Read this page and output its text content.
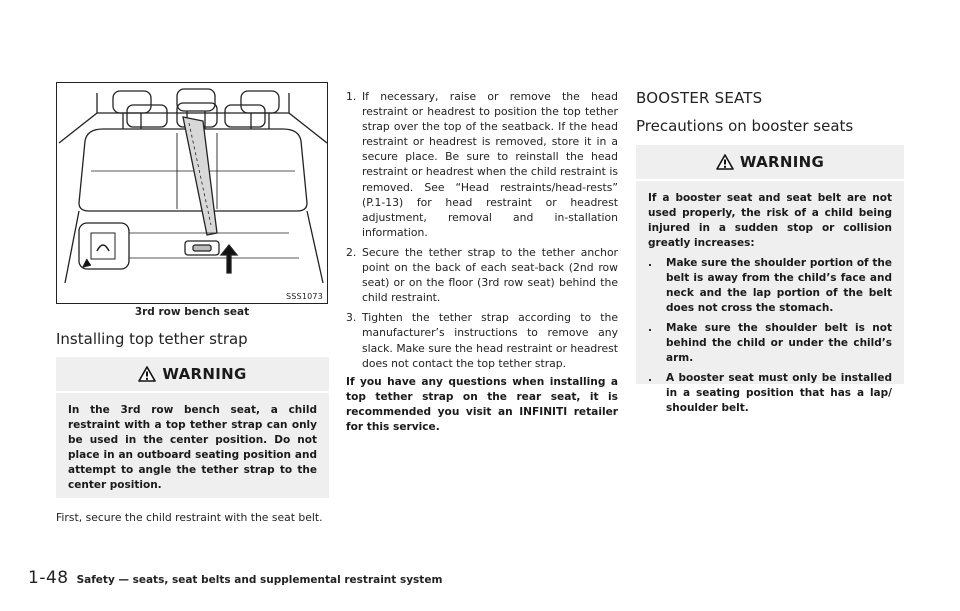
SSS1073
3rd row bench seat
Installing top tether strap
WARNING
In the 3rd row bench seat, a child restraint with a top tether strap can only be used in the center position. Do not place in an outboard seating position and attempt to angle the tether strap to the center position.

First, secure the child restraint with the seat belt.

1. If necessary, raise or remove the head restraint or headrest to position the top tether strap over the top of the seatback. If the head restraint or headrest is removed, store it in a secure place. Be sure to reinstall the head restraint or headrest when the child restraint is removed. See “Head restraints/head-rests” (P.1-13) for head restraint or headrest adjustment, removal and in-stallation information.
2. Secure the tether strap to the tether anchor point on the back of each seat-back (2nd row seat) or on the floor (3rd row seat) behind the child restraint.
3. Tighten the tether strap according to the manufacturer’s instructions to remove any slack. Make sure the head restraint or headrest does not contact the top tether strap.

If you have any questions when installing a top tether strap on the rear seat, it is recommended you visit an INFINITI retailer for this service.

BOOSTER SEATS
Precautions on booster seats
WARNING
If a booster seat and seat belt are not used properly, the risk of a child being injured in a sudden stop or collision greatly increases:
. Make sure the shoulder portion of the belt is away from the child’s face and neck and the lap portion of the belt does not cross the stomach.
. Make sure the shoulder belt is not behind the child or under the child’s arm.
. A booster seat must only be installed in a seating position that has a lap/ shoulder belt.
1-48 Safety — seats, seat belts and supplemental restraint system
